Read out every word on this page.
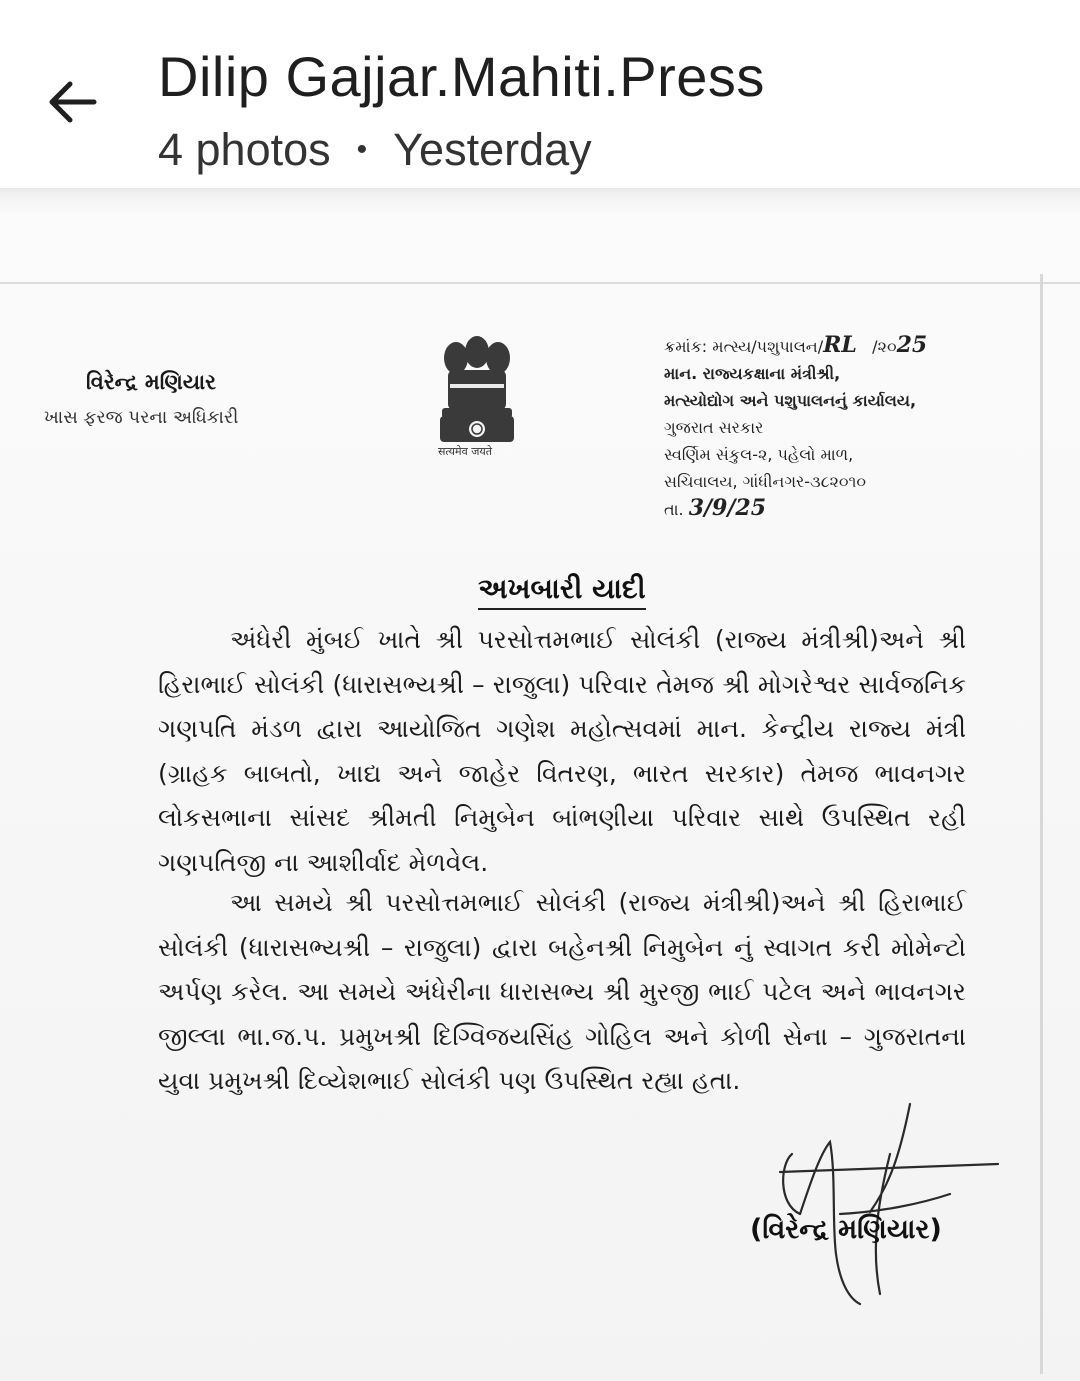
Dilip Gajjar.Mahiti.Press
4 photos • Yesterday
વિરેન્દ્ર મણિયાર
ખાસ ફરજ પરના અધિકારી
सत्यमेव जयते
ક્રમાંક: મત્સ્ય/પશુપાલન/RL /૨૦25
માન. રાજ્યકક્ષાના મંત્રીશ્રી,
મત્સ્યોદ્યોગ અને પશુપાલનનું કાર્યાલય,
ગુજરાત સરકાર
સ્વર્ણિમ સંકુલ-૨, પહેલો માળ,
સચિવાલય, ગાંધીનગર-૩૮૨૦૧૦
તા. 3/9/25
અખબારી યાદી
અંધેરી મુંબઈ ખાતે શ્રી પરસોત્તમભાઈ સોલંકી (રાજ્ય મંત્રીશ્રી)અને શ્રી હિરાભાઈ સોલંકી (ધારાસભ્યશ્રી – રાજુલા) પરિવાર તેમજ શ્રી મોગરેશ્વર સાર્વજનિક ગણપતિ મંડળ દ્વારા આયોજિત ગણેશ મહોત્સવમાં માન. કેન્દ્રીય રાજ્ય મંત્રી (ગ્રાહક બાબતો, ખાદ્ય અને જાહેર વિતરણ, ભારત સરકાર) તેમજ ભાવનગર લોકસભાના સાંસદ શ્રીમતી નિમુબેન બાંભણીયા પરિવાર સાથે ઉપસ્થિત રહી ગણપતિજી ના આશીર્વાદ મેળવેલ.
આ સમયે શ્રી પરસોત્તમભાઈ સોલંકી (રાજ્ય મંત્રીશ્રી)અને શ્રી હિરાભાઈ સોલંકી (ધારાસભ્યશ્રી – રાજુલા) દ્વારા બહેનશ્રી નિમુબેન નું સ્વાગત કરી મોમેન્ટો અર્પણ કરેલ. આ સમયે અંધેરીના ધારાસભ્ય શ્રી મુરજી ભાઈ પટેલ અને ભાવનગર જીલ્લા ભા.જ.પ. પ્રમુખશ્રી દિગ્વિજયસિંહ ગોહિલ અને કોળી સેના – ગુજરાતના યુવા પ્રમુખશ્રી દિવ્યેશભાઈ સોલંકી પણ ઉપસ્થિત રહ્યા હતા.
(વિરેન્દ્ર મણિયાર)
